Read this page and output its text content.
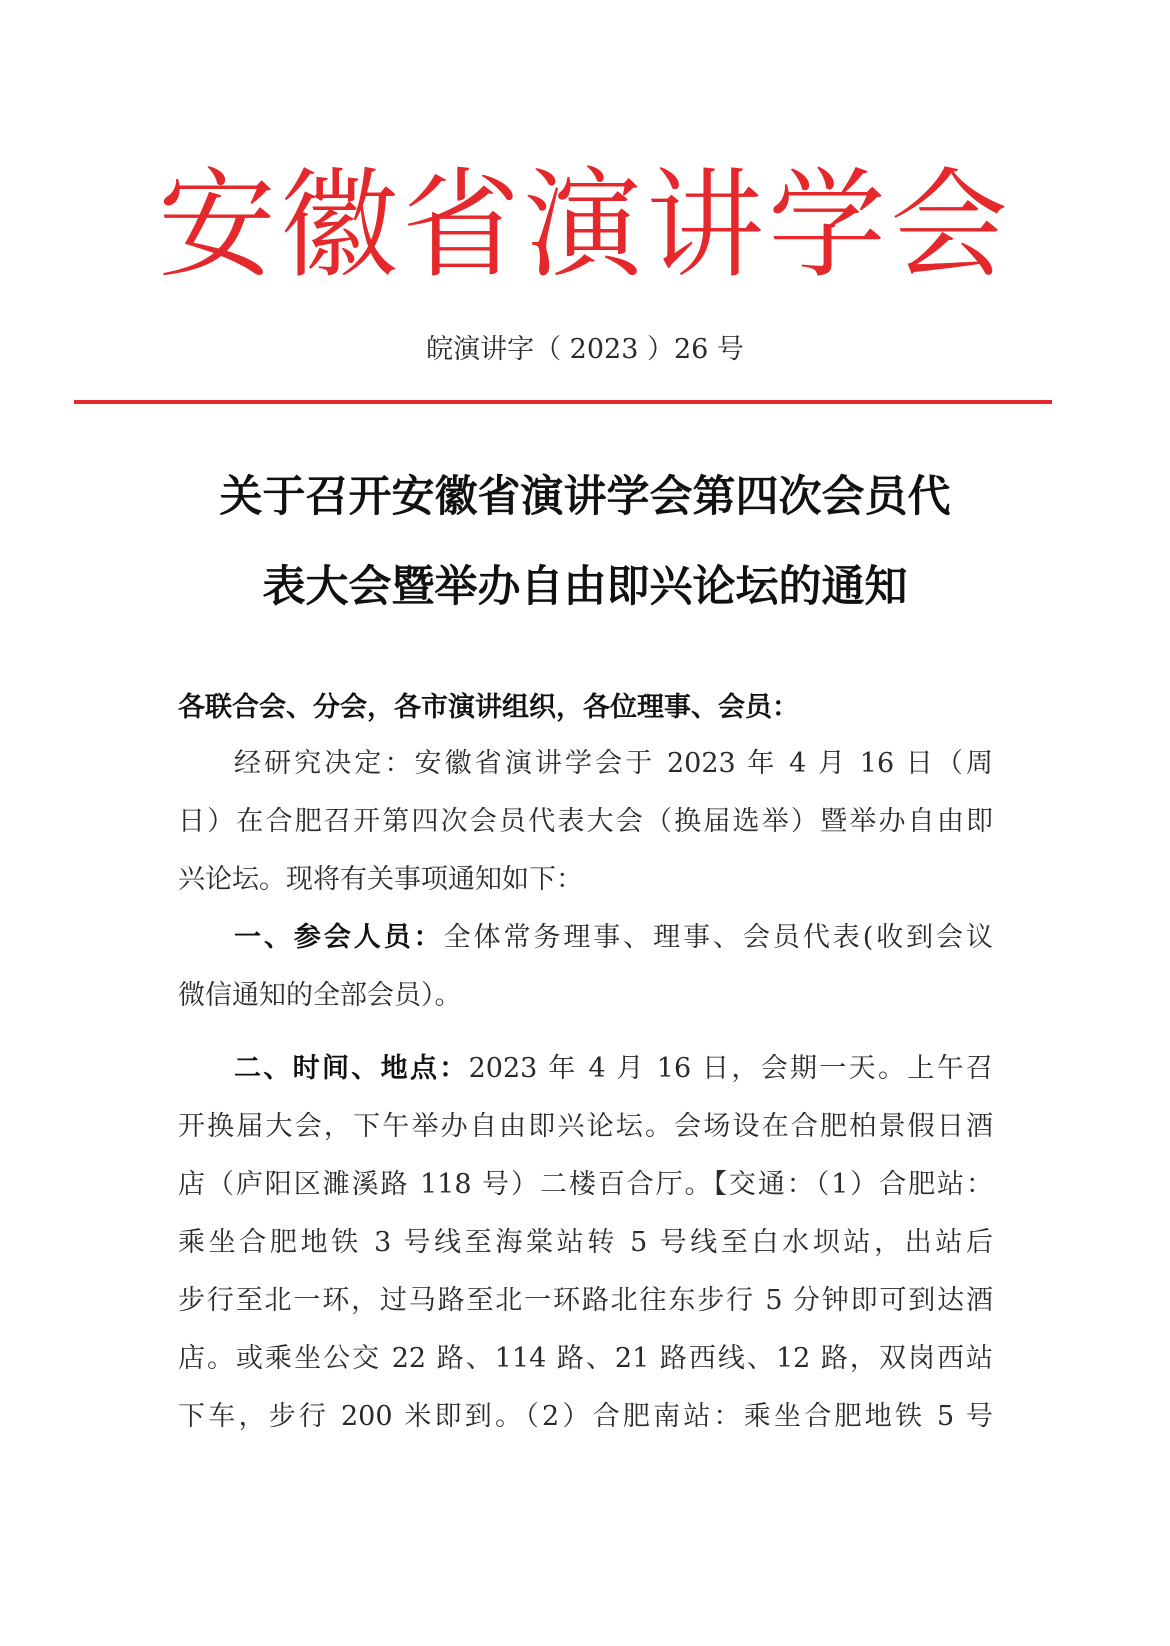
安徽省演讲学会
皖演讲字（ 2023 ）26 号
关于召开安徽省演讲学会第四次会员代
表大会暨举办自由即兴论坛的通知
各联合会、分会，各市演讲组织，各位理事、会员：
经研究决定：安徽省演讲学会于 2023 年 4 月 16 日（周
日）在合肥召开第四次会员代表大会（换届选举）暨举办自由即
兴论坛。现将有关事项通知如下：
一、参会人员：全体常务理事、理事、会员代表(收到会议
微信通知的全部会员）。
二、时间、地点：2023 年 4 月 16 日，会期一天。上午召
开换届大会，下午举办自由即兴论坛。会场设在合肥柏景假日酒
店（庐阳区濉溪路 118 号）二楼百合厅。【交通：（1）合肥站：
乘坐合肥地铁 3 号线至海棠站转 5 号线至白水坝站，出站后
步行至北一环，过马路至北一环路北往东步行 5 分钟即可到达酒
店。或乘坐公交 22 路、114 路、21 路西线、12 路，双岗西站
下车，步行 200 米即到。（2）合肥南站：乘坐合肥地铁 5 号
